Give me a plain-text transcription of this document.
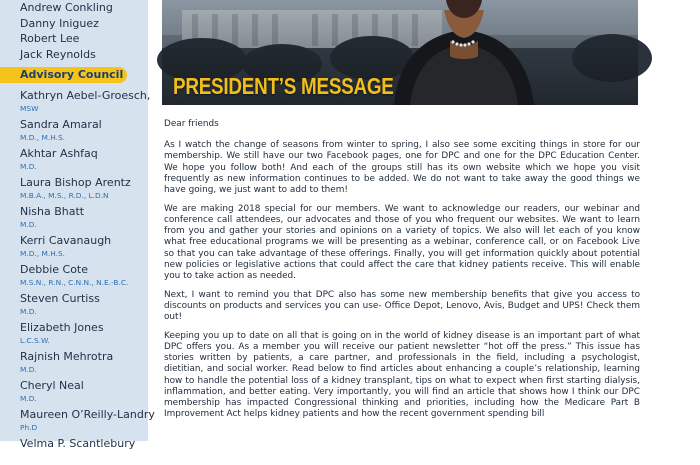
Andrew Conkling
Danny Iniguez
Robert Lee
Jack Reynolds
Advisory Council
Kathryn Aebel-Groesch,
MSW
Sandra Amaral
M.D., M.H.S.
Akhtar Ashfaq
M.D.
Laura Bishop Arentz
M.B.A., M.S., R.D., L.D.N
Nisha Bhatt
M.D.
Kerri Cavanaugh
M.D., M.H.S.
Debbie Cote
M.S.N., R.N., C.N.N., N.E.-B.C.
Steven Curtiss
M.D.
Elizabeth Jones
L.C.S.W.
Rajnish Mehrotra
M.D.
Cheryl Neal
M.D.
Maureen O’Reilly-Landry
Ph.D
Velma P. Scantlebury
PRESIDENT’S MESSAGE

Dear friends

As I watch the change of seasons from winter to spring, I also see some exciting things in store for our membership. We still have our two Facebook pages, one for DPC and one for the DPC Education Center. We hope you follow both! And each of the groups still has its own website which we hope you visit frequently as new information continues to be added. We do not want to take away the good things we have going, we just want to add to them!

We are making 2018 special for our members. We want to acknowledge our readers, our webinar and conference call attendees, our advocates and those of you who frequent our websites. We want to learn from you and gather your stories and opinions on a variety of topics. We also will let each of you know what free educational programs we will be presenting as a webinar, conference call, or on Facebook Live so that you can take advantage of these offerings. Finally, you will get information quickly about potential new policies or legislative actions that could affect the care that kidney patients receive. This will enable you to take action as needed.

Next, I want to remind you that DPC also has some new membership benefits that give you access to discounts on products and services you can use- Office Depot, Lenovo, Avis, Budget and UPS! Check them out!

Keeping you up to date on all that is going on in the world of kidney disease is an important part of what DPC offers you. As a member you will receive our patient newsletter “hot off the press.” This issue has stories written by patients, a care partner, and professionals in the field, including a psychologist, dietitian, and social worker. Read below to find articles about enhancing a couple’s relationship, learning how to handle the potential loss of a kidney transplant, tips on what to expect when first starting dialysis, inflammation, and better eating. Very importantly, you will find an article that shows how I think our DPC membership has impacted Congressional thinking and priorities, including how the Medicare Part B Improvement Act helps kidney patients and how the recent government spending bill
